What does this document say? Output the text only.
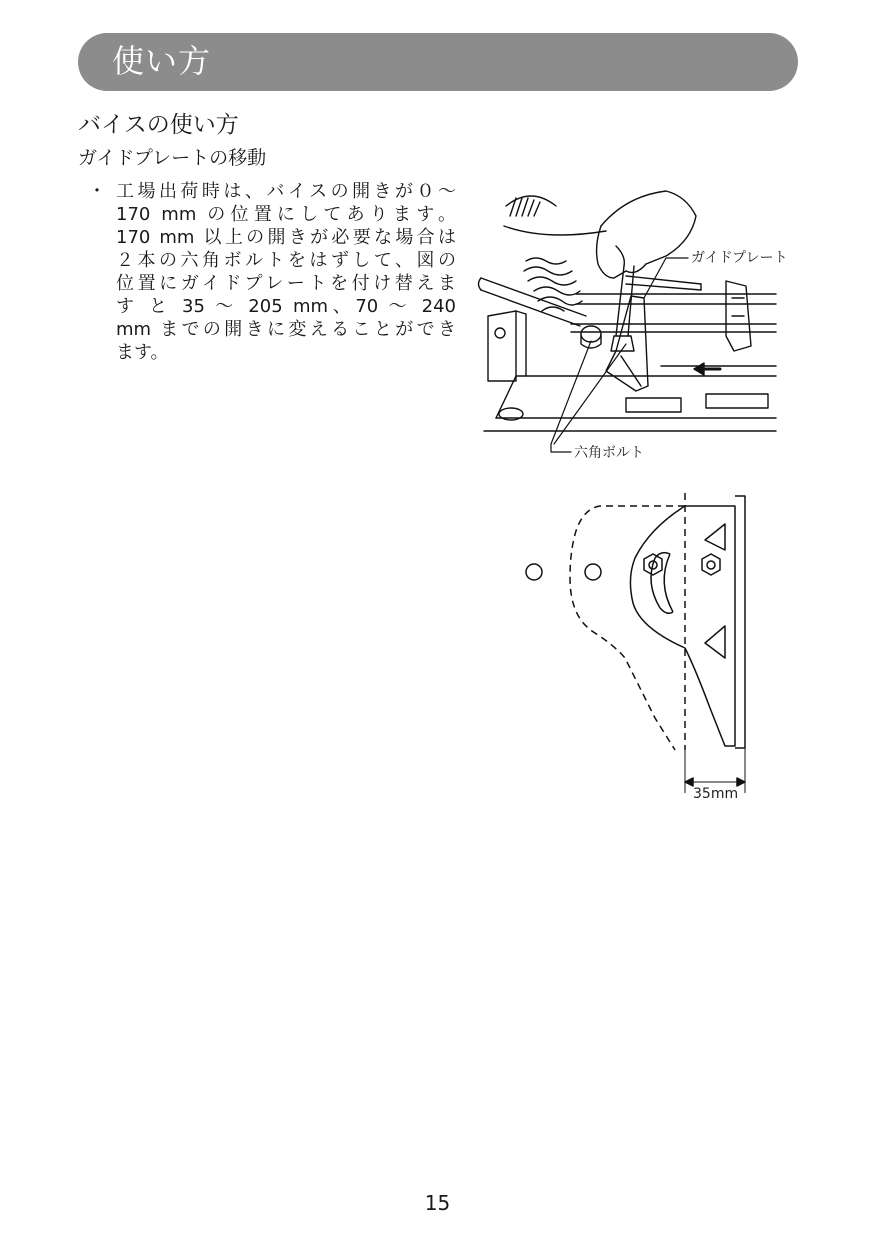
使い方
バイスの使い方
ガイドプレートの移動
・ 工場出荷時は、バイスの開きが０～
170 mm の位置にしてあります。
170 mm 以上の開きが必要な場合は
２本の六角ボルトをはずして、図の
位置にガイドプレートを付け替えま
す と 35 ～ 205 mm、70 ～ 240
mm までの開きに変えることができ
ます。
ガイドプレート
六角ボルト
35mm
15
